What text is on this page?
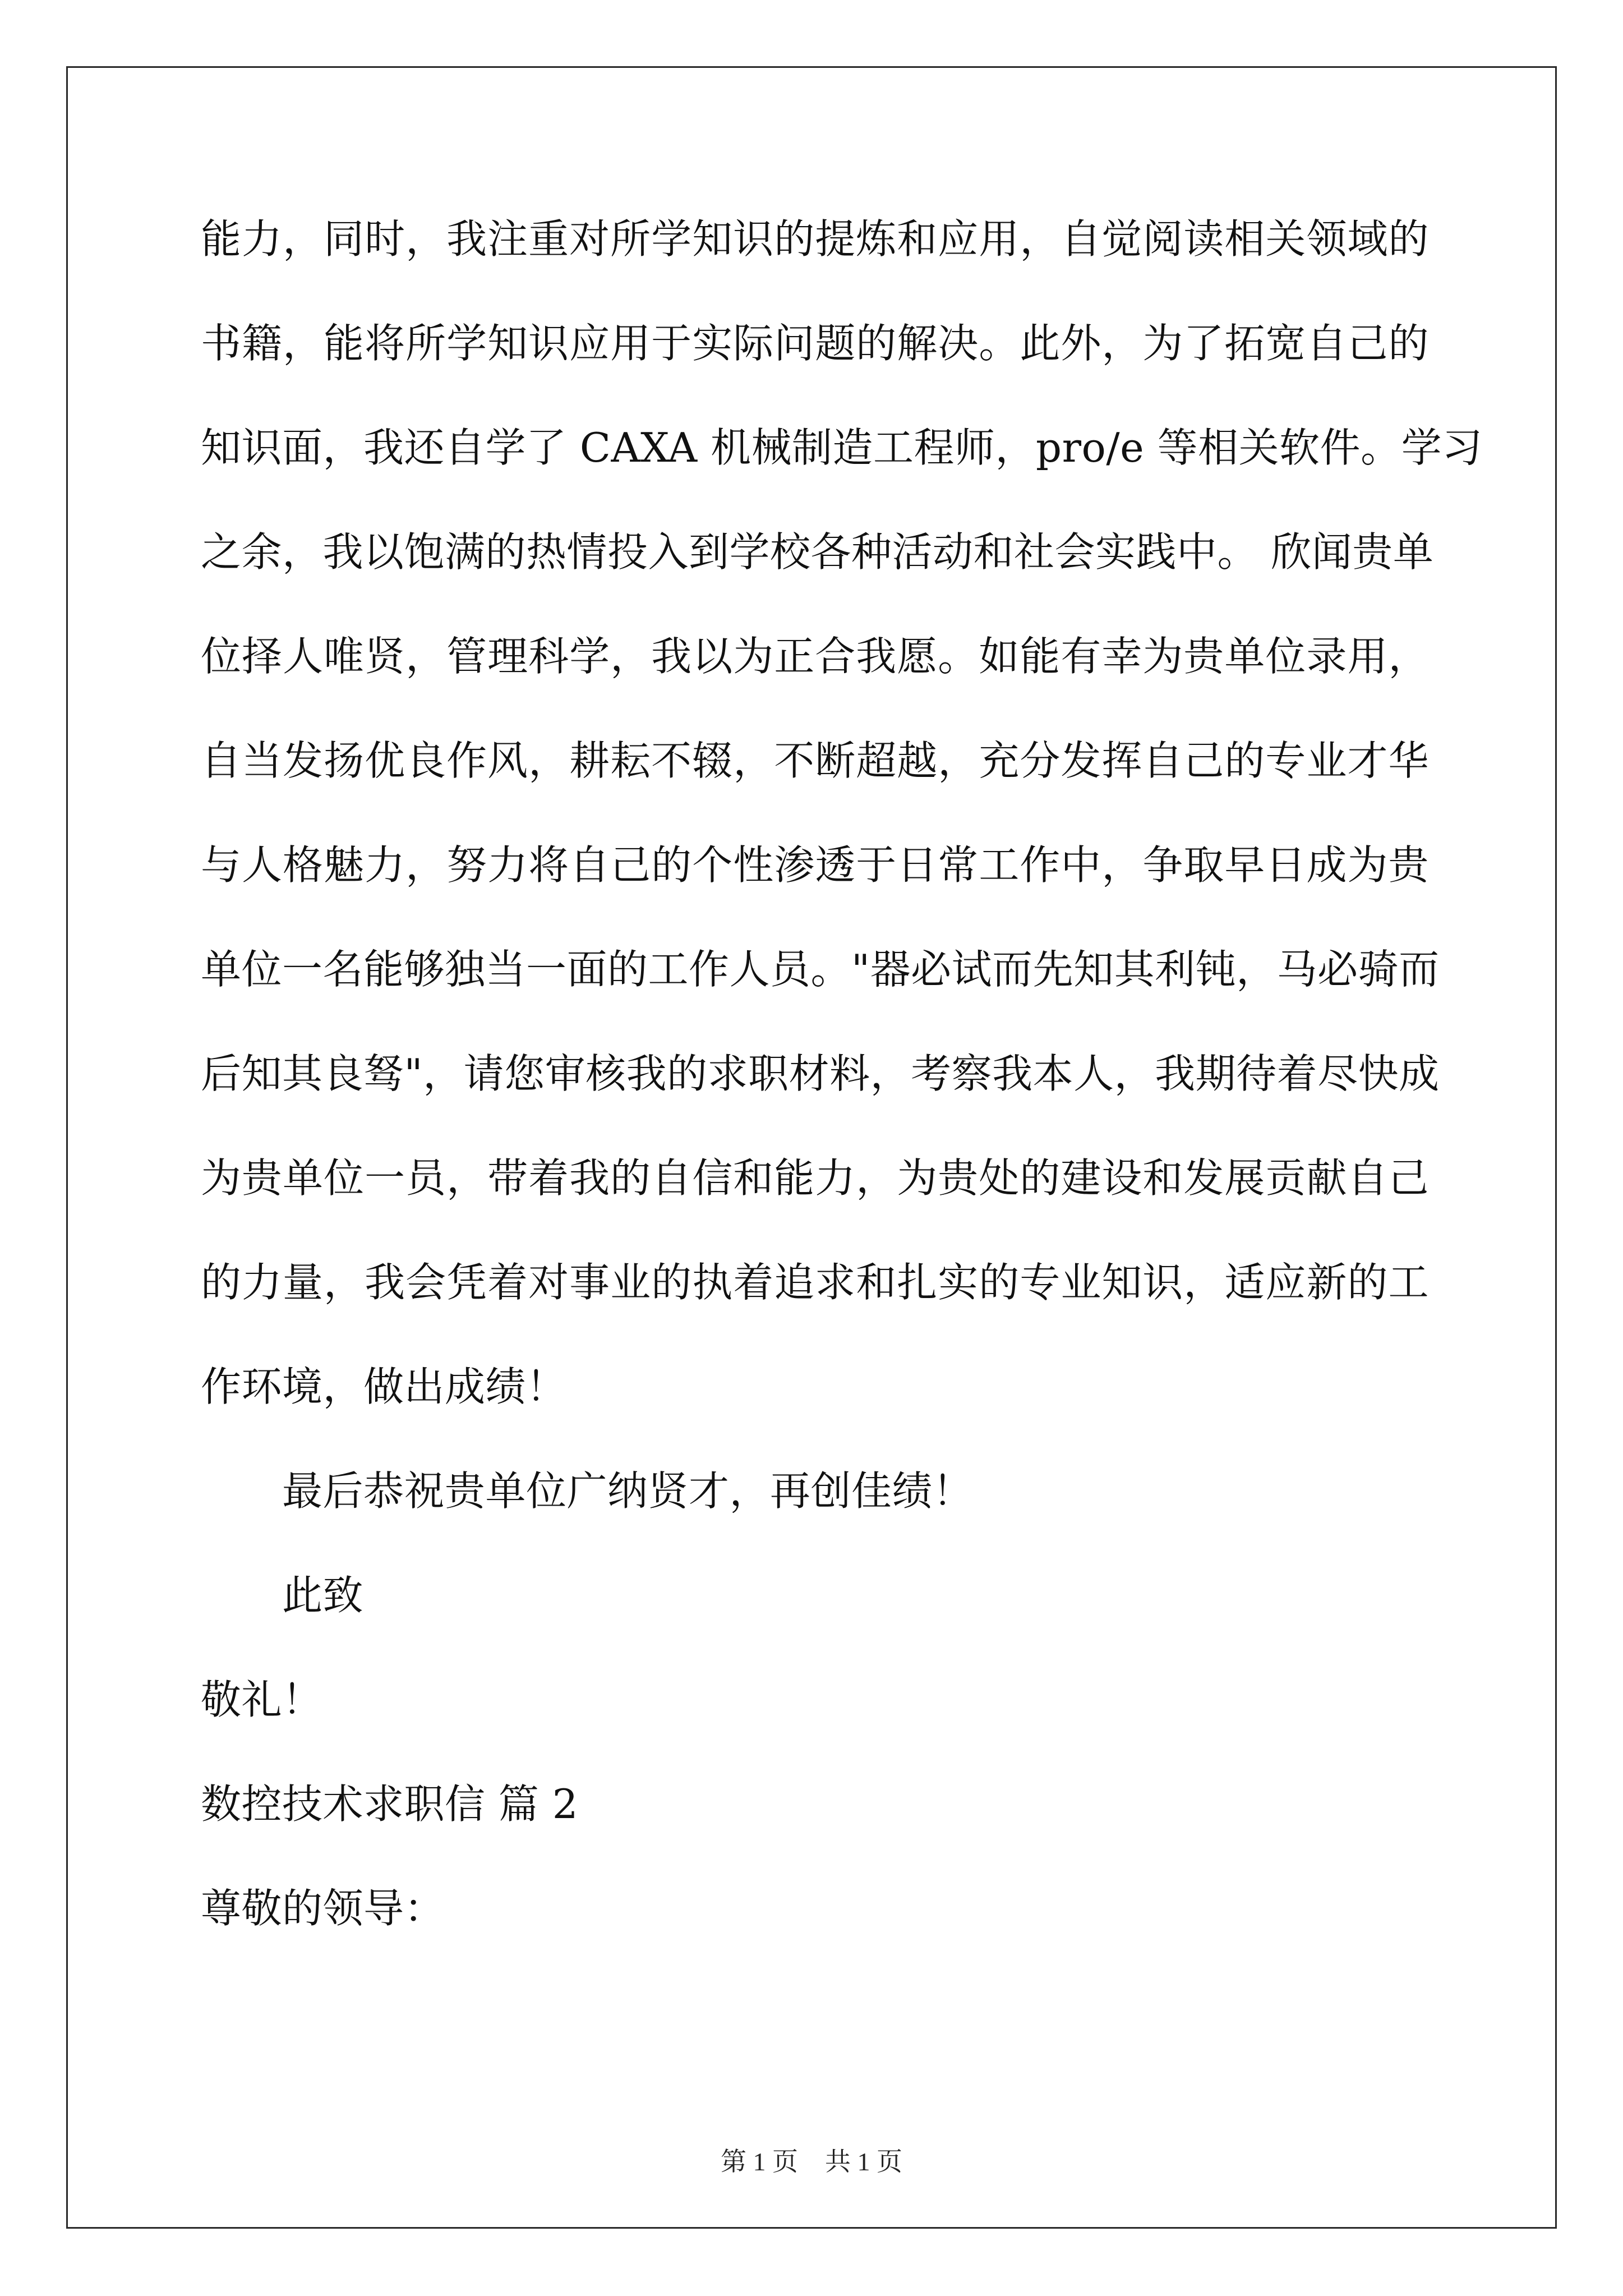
能力，同时，我注重对所学知识的提炼和应用，自觉阅读相关领域的
书籍，能将所学知识应用于实际问题的解决。此外，为了拓宽自己的
知识面，我还自学了 CAXA 机械制造工程师，pro/e 等相关软件。学习
之余，我以饱满的热情投入到学校各种活动和社会实践中。 欣闻贵单
位择人唯贤，管理科学，我以为正合我愿。如能有幸为贵单位录用，
自当发扬优良作风，耕耘不辍，不断超越，充分发挥自己的专业才华
与人格魅力，努力将自己的个性渗透于日常工作中，争取早日成为贵
单位一名能够独当一面的工作人员。"器必试而先知其利钝，马必骑而
后知其良驽"，请您审核我的求职材料，考察我本人，我期待着尽快成
为贵单位一员，带着我的自信和能力，为贵处的建设和发展贡献自己
的力量，我会凭着对事业的执着追求和扎实的专业知识，适应新的工
作环境，做出成绩！
最后恭祝贵单位广纳贤才，再创佳绩！
此致
敬礼！
数控技术求职信 篇 2
尊敬的领导：
第 1 页 共 1 页
